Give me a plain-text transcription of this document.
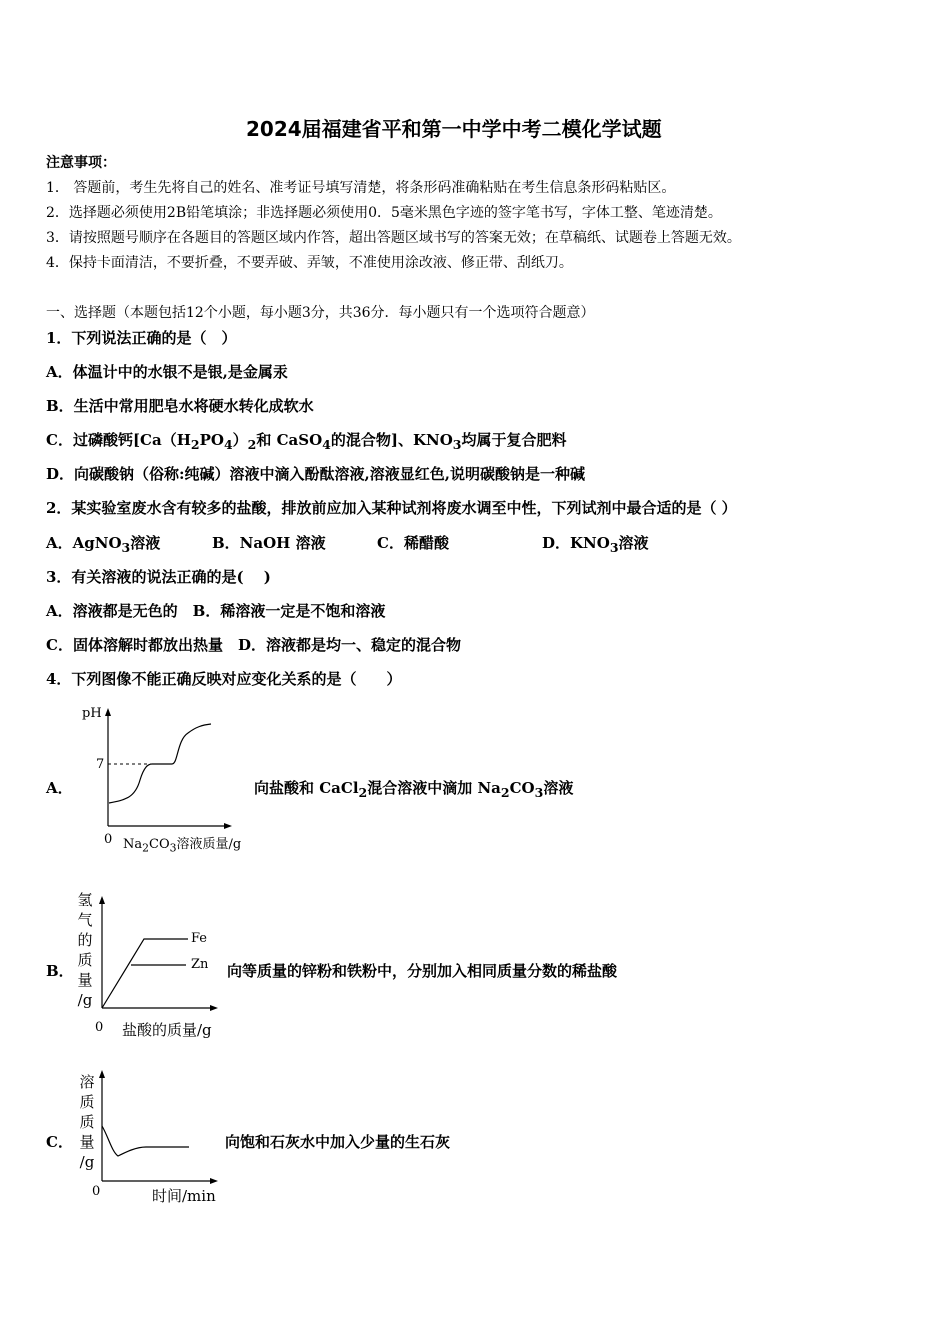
2024届福建省平和第一中学中考二模化学试题
注意事项：
1． 答题前，考生先将自己的姓名、准考证号填写清楚，将条形码准确粘贴在考生信息条形码粘贴区。
2．选择题必须使用2B铅笔填涂；非选择题必须使用0．5毫米黑色字迹的签字笔书写，字体工整、笔迹清楚。
3．请按照题号顺序在各题目的答题区域内作答，超出答题区域书写的答案无效；在草稿纸、试题卷上答题无效。
4．保持卡面清洁，不要折叠，不要弄破、弄皱，不准使用涂改液、修正带、刮纸刀。
一、选择题（本题包括12个小题，每小题3分，共36分．每小题只有一个选项符合题意）
1．下列说法正确的是（　）
A．体温计中的水银不是银,是金属汞
B．生活中常用肥皂水将硬水转化成软水
C．过磷酸钙[$Ca(H_2PO_4)_2$和 CaSO$_4$的混合物]、$KNO_3$均属于复合肥料
D．向碳酸钠（俗称:纯碱）溶液中滴入酚酞溶液,溶液显红色,说明碳酸钠是一种碱
2．某实验室废水含有较多的盐酸，排放前应加入某种试剂将废水调至中性，下列试剂中最合适的是（ ）
A．AgNO$_3$溶液	B．NaOH 溶液	C．稀醋酸	D．$KNO_3$溶液
3．有关溶液的说法正确的是(　 )
A．溶液都是无色的　B．稀溶液一定是不饱和溶液
C．固体溶解时都放出热量　D．溶液都是均一、稳定的混合物
4．下列图像不能正确反映对应变化关系的是（　　）
A．
pH
7
0 $Na_2CO_3$溶液质量/g
向盐酸和 CaCl$_2$混合溶液中滴加 $Na_2CO_3$溶液
B．
氢
气
的
质
量
/g
Fe
Zn
0 盐酸的质量/g
向等质量的锌粉和铁粉中，分别加入相同质量分数的稀盐酸
C．
溶
质
质
量
/g
0	时间/min
向饱和石灰水中加入少量的生石灰
